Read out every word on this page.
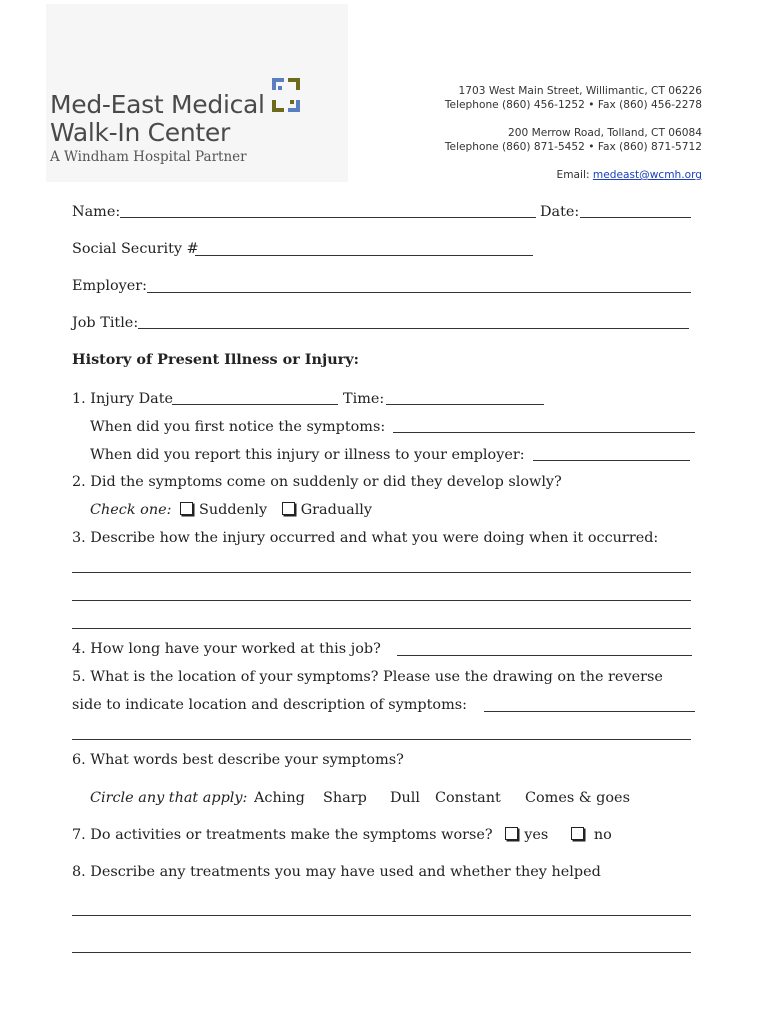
Med-East Medical
Walk-In Center
A Windham Hospital Partner
1703 West Main Street, Willimantic, CT 06226
Telephone (860) 456-1252 • Fax (860) 456-2278
200 Merrow Road, Tolland, CT 06084
Telephone (860) 871-5452 • Fax (860) 871-5712
Email: medeast@wcmh.org
Name:	Date:
Social Security #
Employer:
Job Title:
History of Present Illness or Injury:
1. Injury Date	Time:
When did you first notice the symptoms:
When did you report this injury or illness to your employer:
2. Did the symptoms come on suddenly or did they develop slowly?
Check one: Suddenly Gradually
3. Describe how the injury occurred and what you were doing when it occurred:
4. How long have your worked at this job?
5. What is the location of your symptoms? Please use the drawing on the reverse
side to indicate location and description of symptoms:
6. What words best describe your symptoms?
Circle any that apply: Aching Sharp Dull Constant Comes & goes
7. Do activities or treatments make the symptoms worse? yes	no
8. Describe any treatments you may have used and whether they helped
